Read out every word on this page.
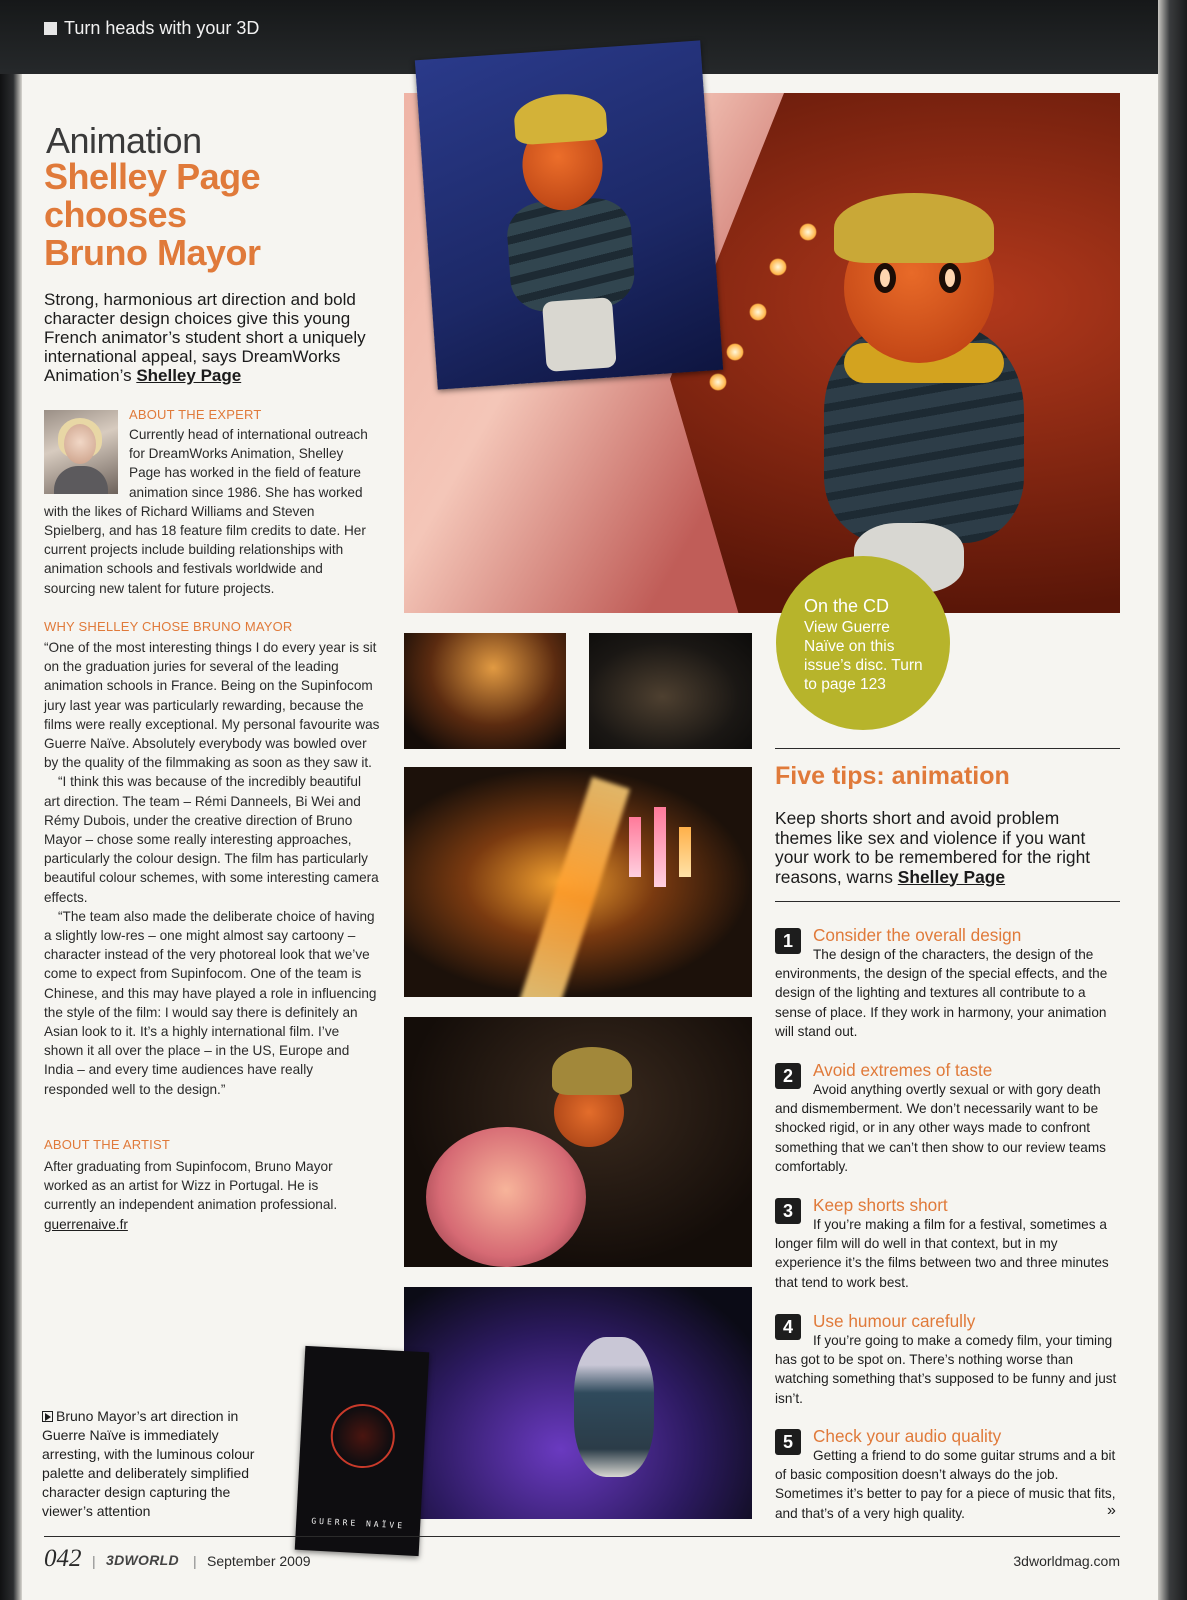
Turn heads with your 3D
Animation
Shelley Page
chooses
Bruno Mayor

Strong, harmonious art direction and bold character design choices give this young French animator’s student short a uniquely international appeal, says DreamWorks Animation’s Shelley Page

ABOUT THE EXPERT
Currently head of international outreach for DreamWorks Animation, Shelley Page has worked in the field of feature animation since 1986. She has worked with the likes of Richard Williams and Steven Spielberg, and has 18 feature film credits to date. Her current projects include building relationships with animation schools and festivals worldwide and sourcing new talent for future projects.
WHY SHELLEY CHOSE BRUNO MAYOR

“One of the most interesting things I do every year is sit on the graduation juries for several of the leading animation schools in France. Being on the Supinfocom jury last year was particularly rewarding, because the films were really exceptional. My personal favourite was Guerre Naïve. Absolutely everybody was bowled over by the quality of the filmmaking as soon as they saw it.

“I think this was because of the incredibly beautiful art direction. The team – Rémi Danneels, Bi Wei and Rémy Dubois, under the creative direction of Bruno Mayor – chose some really interesting approaches, particularly the colour design. The film has particularly beautiful colour schemes, with some interesting camera effects.

“The team also made the deliberate choice of having a slightly low-res – one might almost say cartoony – character instead of the very photoreal look that we’ve come to expect from Supinfocom. One of the team is Chinese, and this may have played a role in influencing the style of the film: I would say there is definitely an Asian look to it. It’s a highly international film. I’ve shown it all over the place – in the US, Europe and India – and every time audiences have really responded well to the design.”

ABOUT THE ARTIST
After graduating from Supinfocom, Bruno Mayor worked as an artist for Wizz in Portugal. He is currently an independent animation professional.
guerrenaive.fr
Bruno Mayor’s art direction in Guerre Naïve is immediately arresting, with the luminous colour palette and deliberately simplified character design capturing the viewer’s attention
On the CD
View Guerre Naïve on this issue’s disc. Turn to page 123
GUERRE NAÏVE
Five tips: animation

Keep shorts short and avoid problem themes like sex and violence if you want your work to be remembered for the right reasons, warns Shelley Page

1	Consider the overall design
The design of the characters, the design of the environments, the design of the special effects, and the design of the lighting and textures all contribute to a sense of place. If they work in harmony, your animation will stand out.
2	Avoid extremes of taste
Avoid anything overtly sexual or with gory death and dismemberment. We don’t necessarily want to be shocked rigid, or in any other ways made to confront something that we can’t then show to our review teams comfortably.
3	Keep shorts short
If you’re making a film for a festival, sometimes a longer film will do well in that context, but in my experience it’s the films between two and three minutes that tend to work best.
4	Use humour carefully
If you’re going to make a comedy film, your timing has got to be spot on. There’s nothing worse than watching something that’s supposed to be funny and just isn’t.
5	Check your audio quality
Getting a friend to do some guitar strums and a bit of basic composition doesn’t always do the job. Sometimes it’s better to pay for a piece of music that fits, and that’s of a very high quality.	»
042 | 3DWORLD | September 2009	3dworldmag.com
